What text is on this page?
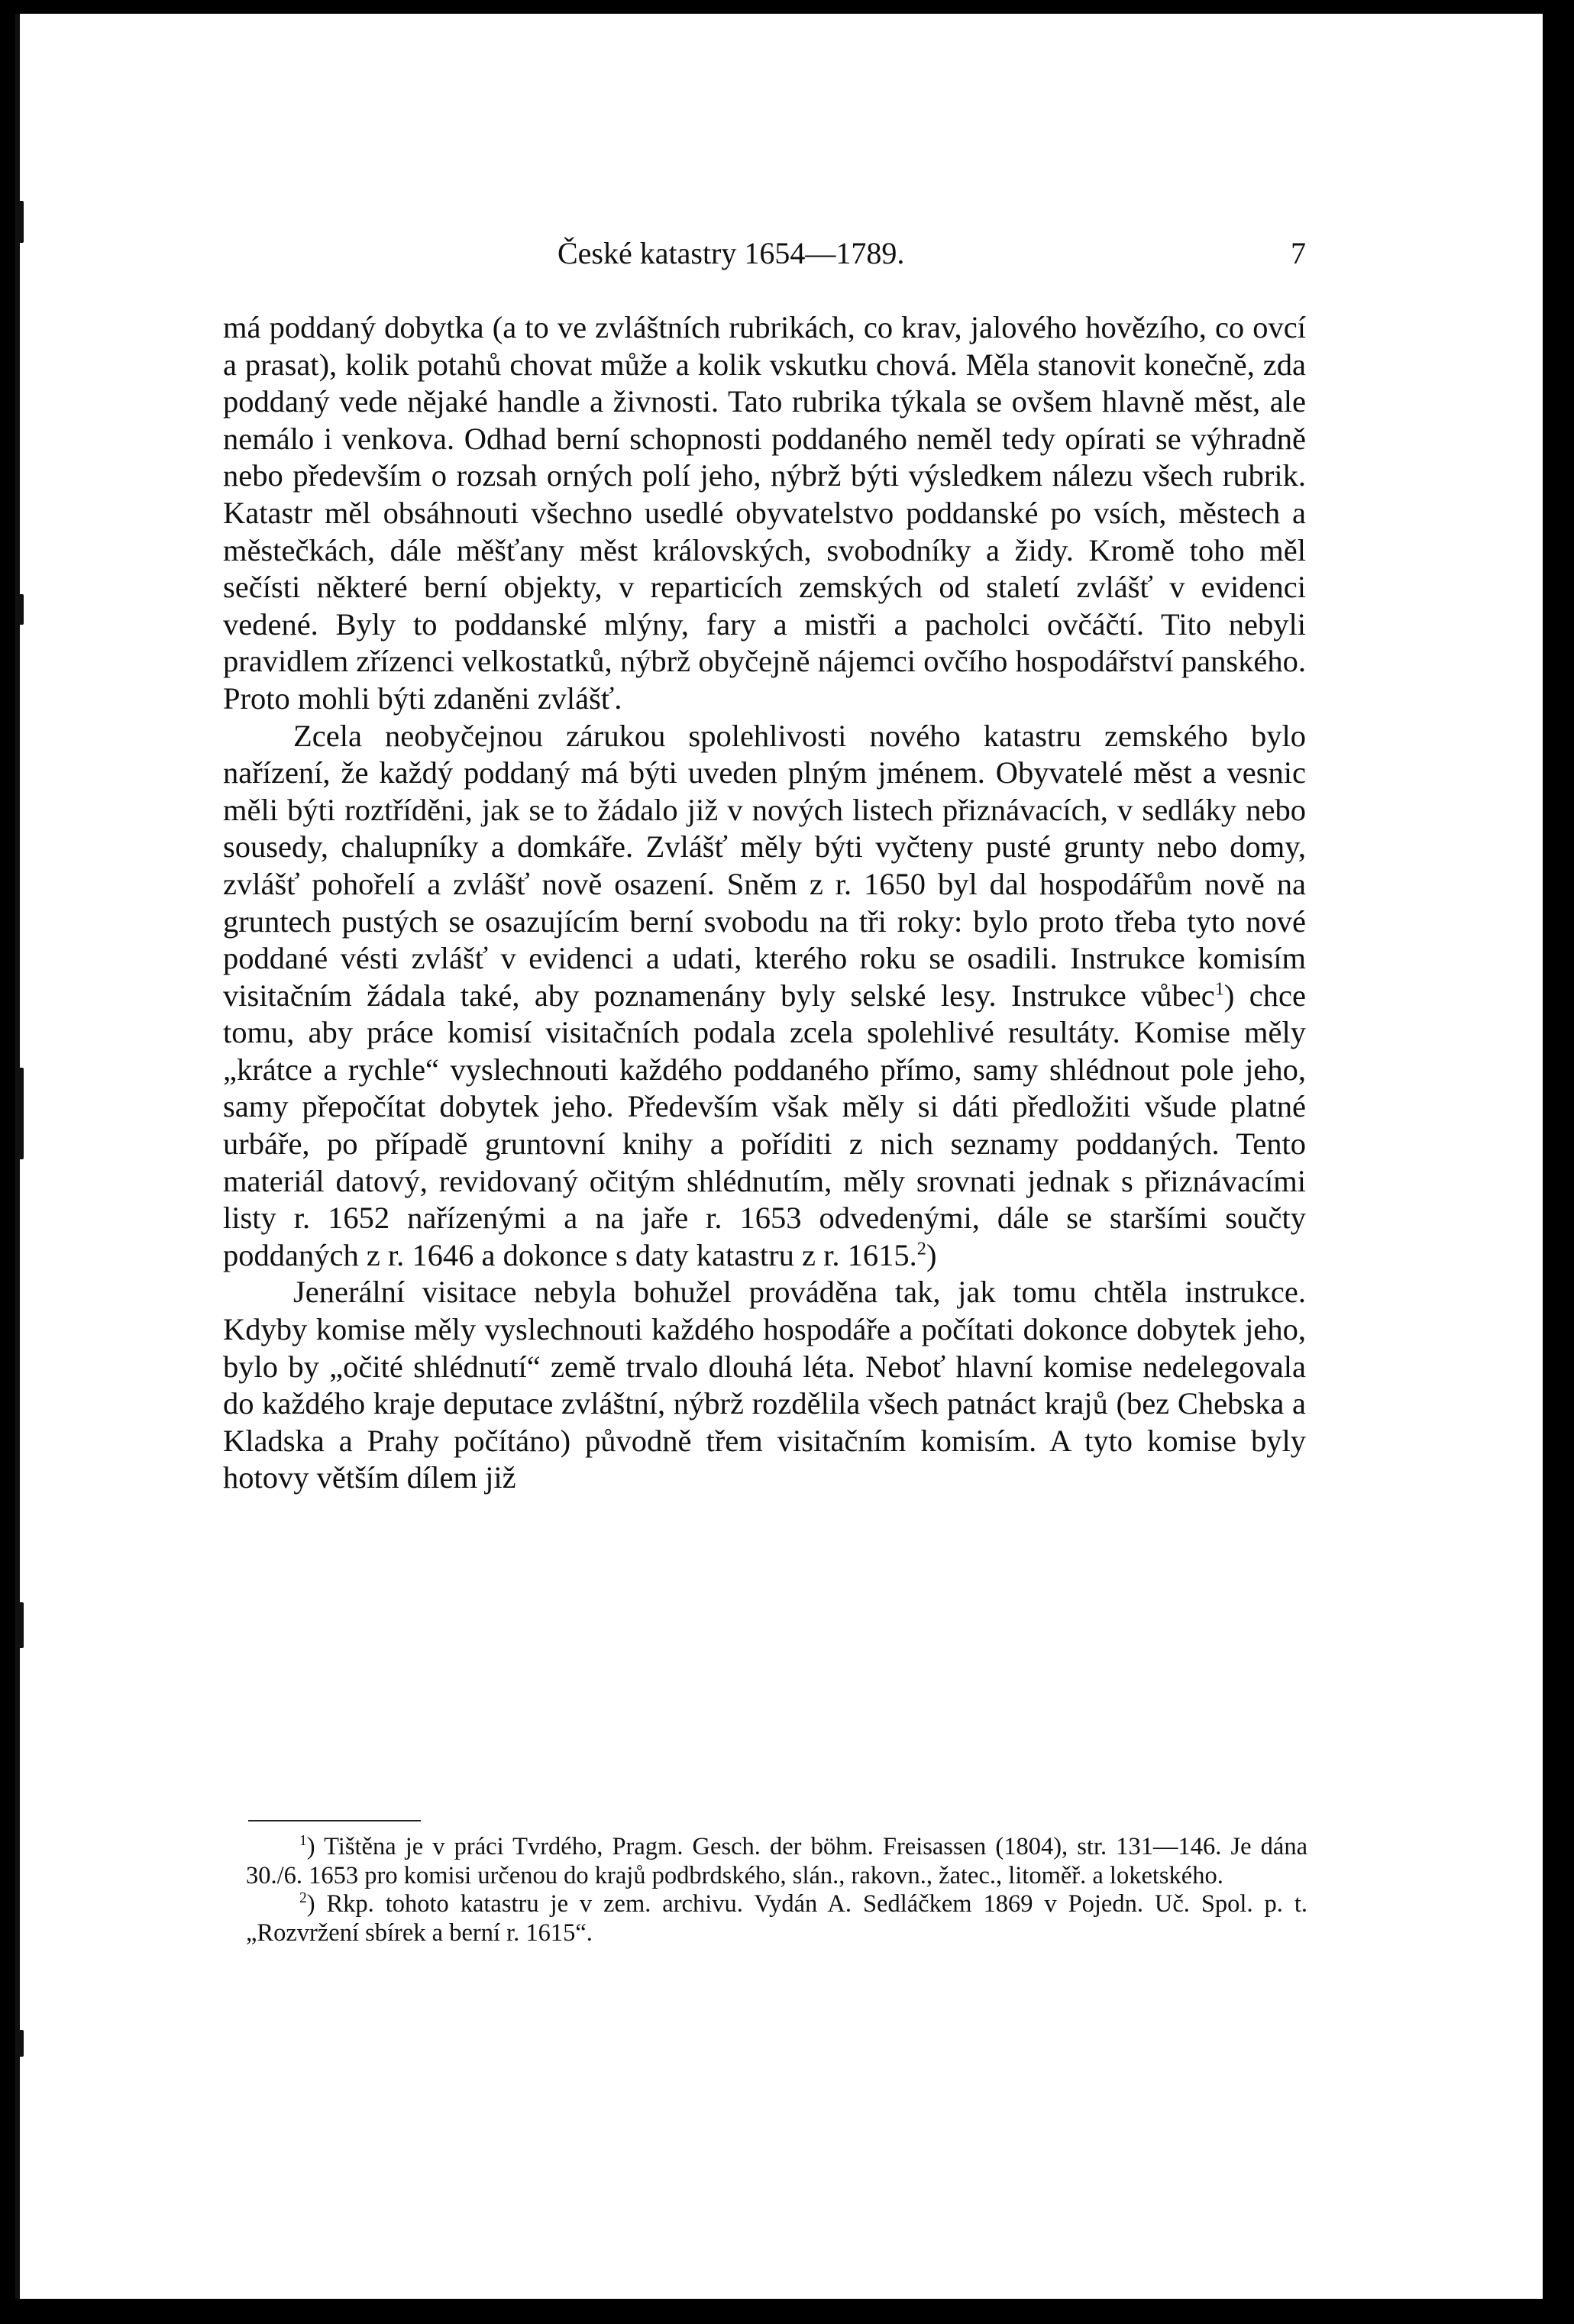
České katastry 1654—1789.	7

má poddaný dobytka (a to ve zvláštních rubrikách, co krav, jalového hovězího, co ovcí a prasat), kolik potahů chovat může a kolik vskutku chová. Měla stanovit konečně, zda poddaný vede nějaké handle a živnosti. Tato rubrika týkala se ovšem hlavně měst, ale nemálo i venkova. Odhad berní schopnosti poddaného neměl tedy opírati se výhradně nebo především o rozsah orných polí jeho, nýbrž býti výsledkem nálezu všech rubrik. Katastr měl obsáhnouti všechno usedlé obyvatelstvo poddanské po vsích, městech a městečkách, dále měšťany měst královských, svobodníky a židy. Kromě toho měl sečísti některé berní objekty, v reparticích zemských od staletí zvlášť v evidenci vedené. Byly to poddanské mlýny, fary a mistři a pacholci ovčáčtí. Tito nebyli pravidlem zřízenci velkostatků, nýbrž obyčejně nájemci ovčího hospodářství panského. Proto mohli býti zdaněni zvlášť.

Zcela neobyčejnou zárukou spolehlivosti nového katastru zemského bylo nařízení, že každý poddaný má býti uveden plným jménem. Obyvatelé měst a vesnic měli býti roztříděni, jak se to žádalo již v nových listech přiznávacích, v sedláky nebo sousedy, chalupníky a domkáře. Zvlášť měly býti vyčteny pusté grunty nebo domy, zvlášť pohořelí a zvlášť nově osazení. Sněm z r. 1650 byl dal hospodářům nově na gruntech pustých se osazujícím berní svobodu na tři roky: bylo proto třeba tyto nové poddané vésti zvlášť v evidenci a udati, kterého roku se osadili. Instrukce komisím visitačním žádala také, aby poznamenány byly selské lesy. Instrukce vůbec$^1$) chce tomu, aby práce komisí visitačních podala zcela spolehlivé resultáty. Komise měly „krátce a rychle“ vyslechnouti každého poddaného přímo, samy shlédnout pole jeho, samy přepočítat dobytek jeho. Především však měly si dáti předložiti všude platné urbáře, po případě gruntovní knihy a poříditi z nich seznamy poddaných. Tento materiál datový, revidovaný očitým shlédnutím, měly srovnati jednak s přiznávacími listy r. 1652 nařízenými a na jaře r. 1653 odvedenými, dále se staršími součty poddaných z r. 1646 a dokonce s daty katastru z r. 1615.$^2$)

Jenerální visitace nebyla bohužel prováděna tak, jak tomu chtěla instrukce. Kdyby komise měly vyslechnouti každého hospodáře a počítati dokonce dobytek jeho, bylo by „očité shlédnutí“ země trvalo dlouhá léta. Neboť hlavní komise nedelegovala do každého kraje deputace zvláštní, nýbrž rozdělila všech patnáct krajů (bez Chebska a Kladska a Prahy počítáno) původně třem visitačním komisím. A tyto komise byly hotovy větším dílem již

$^1$) Tištěna je v práci Tvrdého, Pragm. Gesch. der böhm. Freisassen (1804), str. 131—146. Je dána 30./6. 1653 pro komisi určenou do krajů podbrdského, slán., rakovn., žatec., litoměř. a loketského.

$^2$) Rkp. tohoto katastru je v zem. archivu. Vydán A. Sedláčkem 1869 v Pojedn. Uč. Spol. p. t. „Rozvržení sbírek a berní r. 1615“.
